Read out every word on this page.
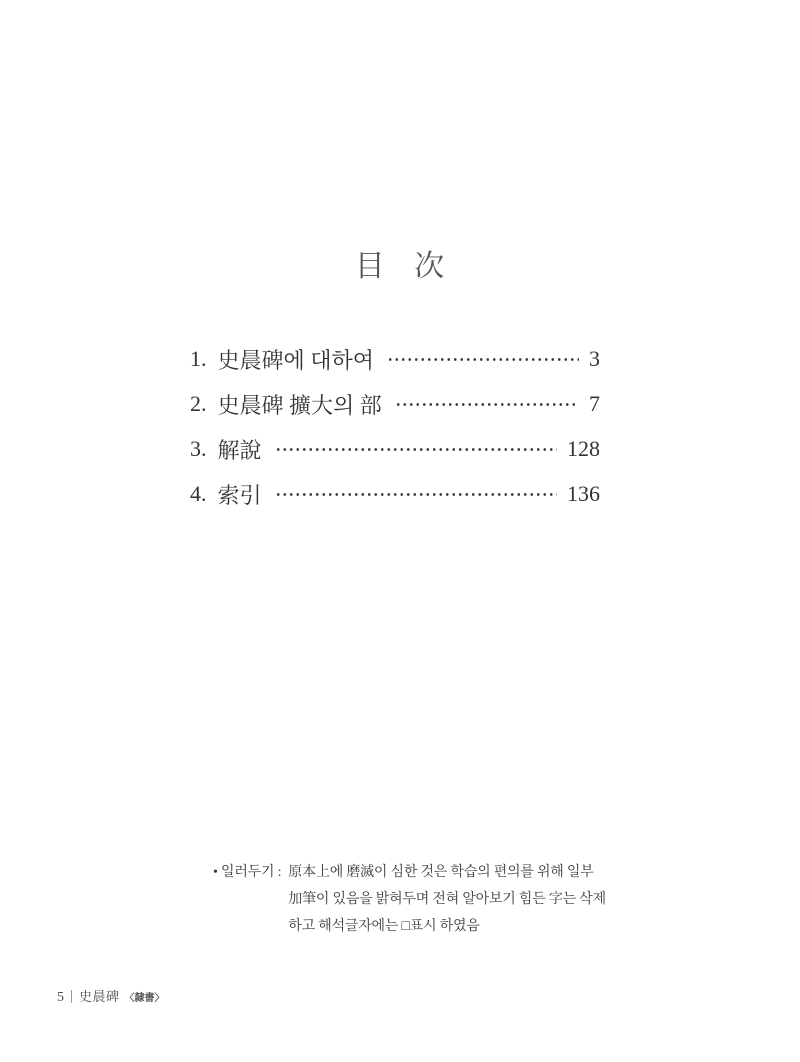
目 次
1. 史晨碑에 대하여	3
2. 史晨碑 擴大의 部	7
3. 解說	128
4. 索引	136
• 일러두기 : 原本上에 磨滅이 심한 것은 학습의 편의를 위해 일부
加筆이 있음을 밝혀두며 전혀 알아보기 힘든 字는 삭제
하고 해석글자에는 □표시 하였음
5 史晨碑 〈隸書〉
